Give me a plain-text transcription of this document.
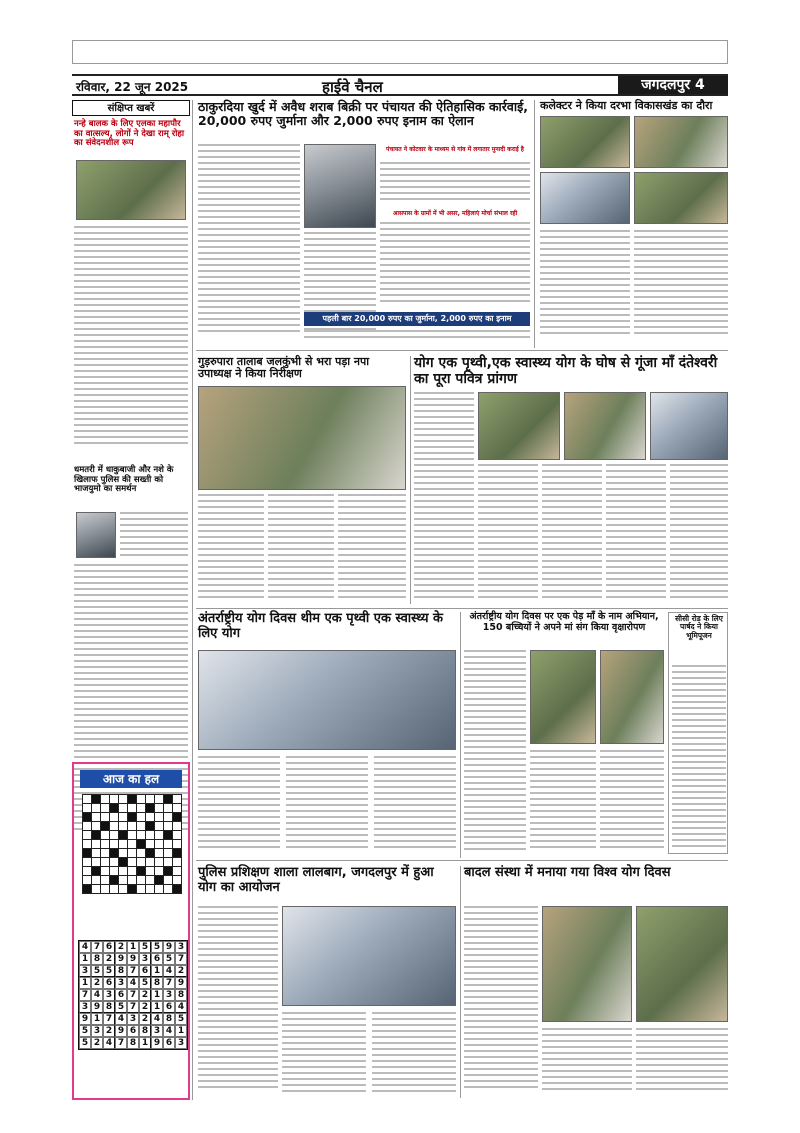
रविवार, 22 जून 2025	हाईवे चैनल	जगदलपुर 4
संक्षिप्त खबरें
नन्हे बालक के लिए एलका महापौर का वात्सल्य, लोगों ने देखा राम् रोहा का संवेदनशील रूप
धमतरी में धाकुबाजी और नशे के खिलाफ पुलिस की सख्ती को भाजयुमो का समर्थन
आज का हल
4 7 6 2 1 5 5 9 3
1 8 2 9 9 3 6 5 7
3 5 5 8 7 6 1 4 2
1 2 6 3 4 5 8 7 9
7 4 3 6 7 2 1 3 8
3 9 8 5 7 2 1 6 4
9 1 7 4 3 2 4 8 5
5 3 2 9 6 8 3 4 1
5 2 4 7 8 1 9 6 3
ठाकुरदिया खुर्द में अवैध शराब बिक्री पर पंचायत की ऐतिहासिक कार्रवाई, 20,000 रुपए जुर्माना और 2,000 रुपए इनाम का ऐलान
पंचायत ने कोटवार के माध्यम से गांव में लगातार मुनादी कराई है
आसपास के ग्रामों में भी असर, महिलाएं मोर्चा संभाल रही
पहली बार 20,000 रुपए का जुर्माना, 2,000 रुपए का इनाम
कलेक्टर ने किया दरभा विकासखंड का दौरा
गुड़रुपारा तालाब जलकुंभी से भरा पड़ा नपा उपाध्यक्ष ने किया निरीक्षण
योग एक पृथ्वी,एक स्वास्थ्य योग के घोष से गूंजा माँ दंतेश्वरी का पूरा पवित्र प्रांगण
अंतर्राष्ट्रीय योग दिवस थीम एक पृथ्वी एक स्वास्थ्य के लिए योग
अंतर्राष्ट्रीय योग दिवस पर एक पेड़ माँ के नाम अभियान, 150 बच्चियों ने अपने मां संग किया वृक्षारोपण
सीसी रोड के लिए पार्षद ने किया भूमिपूजन
पुलिस प्रशिक्षण शाला लालबाग, जगदलपुर में हुआ योग का आयोजन
बादल संस्था में मनाया गया विश्व योग दिवस
